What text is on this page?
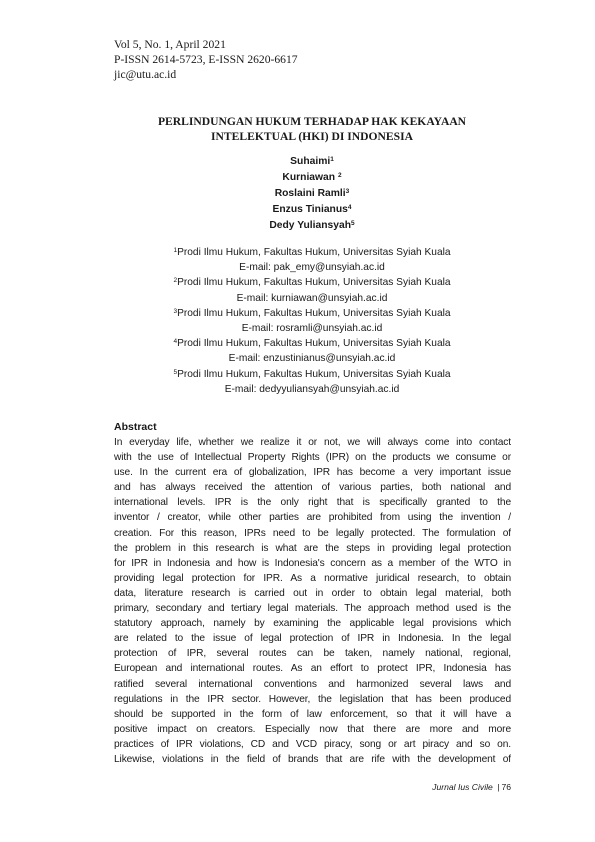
Vol 5, No. 1, April 2021
P-ISSN 2614-5723, E-ISSN 2620-6617
jic@utu.ac.id
PERLINDUNGAN HUKUM TERHADAP HAK KEKAYAAN
INTELEKTUAL (HKI) DI INDONESIA
Suhaimi$^1$
Kurniawan $^2$
Roslaini Ramli$^3$
Enzus Tinianus$^4$
Dedy Yuliansyah$^5$
$^1$Prodi Ilmu Hukum, Fakultas Hukum, Universitas Syiah Kuala
E-mail: pak_emy@unsyiah.ac.id
$^2$Prodi Ilmu Hukum, Fakultas Hukum, Universitas Syiah Kuala
E-mail: kurniawan@unsyiah.ac.id
$^3$Prodi Ilmu Hukum, Fakultas Hukum, Universitas Syiah Kuala
E-mail: rosramli@unsyiah.ac.id
$^4$Prodi Ilmu Hukum, Fakultas Hukum, Universitas Syiah Kuala
E-mail: enzustinianus@unsyiah.ac.id
$^5$Prodi Ilmu Hukum, Fakultas Hukum, Universitas Syiah Kuala
E-mail: dedyyuliansyah@unsyiah.ac.id
Abstract
In everyday life, whether we realize it or not, we will always come into contact
with the use of Intellectual Property Rights (IPR) on the products we consume or
use. In the current era of globalization, IPR has become a very important issue
and has always received the attention of various parties, both national and
international levels. IPR is the only right that is specifically granted to the
inventor / creator, while other parties are prohibited from using the invention /
creation. For this reason, IPRs need to be legally protected. The formulation of
the problem in this research is what are the steps in providing legal protection
for IPR in Indonesia and how is Indonesia's concern as a member of the WTO in
providing legal protection for IPR. As a normative juridical research, to obtain
data, literature research is carried out in order to obtain legal material, both
primary, secondary and tertiary legal materials. The approach method used is the
statutory approach, namely by examining the applicable legal provisions which
are related to the issue of legal protection of IPR in Indonesia. In the legal
protection of IPR, several routes can be taken, namely national, regional,
European and international routes. As an effort to protect IPR, Indonesia has
ratified several international conventions and harmonized several laws and
regulations in the IPR sector. However, the legislation that has been produced
should be supported in the form of law enforcement, so that it will have a
positive impact on creators. Especially now that there are more and more
practices of IPR violations, CD and VCD piracy, song or art piracy and so on.
Likewise, violations in the field of brands that are rife with the development of
Jurnal Ius Civile | 76
